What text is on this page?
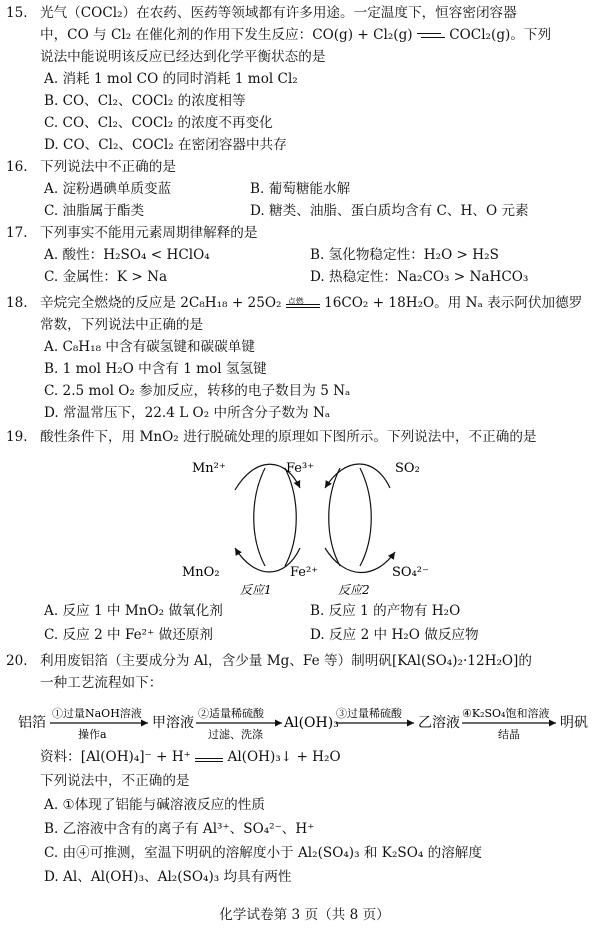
15. 光气（COCl₂）在农药、医药等领域都有许多用途。一定温度下，恒容密闭容器
中，CO 与 Cl₂ 在催化剂的作用下发生反应：CO(g) + Cl₂(g)	COCl₂(g)。下列
说法中能说明该反应已经达到化学平衡状态的是
A. 消耗 1 mol CO 的同时消耗 1 mol Cl₂
B. CO、Cl₂、COCl₂ 的浓度相等
C. CO、Cl₂、COCl₂ 的浓度不再变化
D. CO、Cl₂、COCl₂ 在密闭容器中共存
16. 下列说法中不正确的是
A. 淀粉遇碘单质变蓝	B. 葡萄糖能水解
C. 油脂属于酯类	D. 糖类、油脂、蛋白质均含有 C、H、O 元素
17. 下列事实不能用元素周期律解释的是
A. 酸性：H₂SO₄ < HClO₄	B. 氢化物稳定性：H₂O > H₂S
C. 金属性：K > Na	D. 热稳定性：Na₂CO₃ > NaHCO₃
18. 辛烷完全燃烧的反应是 2C₈H₁₈ + 25O₂ 点燃 16CO₂ + 18H₂O。用 Nₐ 表示阿伏加德罗
常数，下列说法中正确的是
A. C₈H₁₈ 中含有碳氢键和碳碳单键
B. 1 mol H₂O 中含有 1 mol 氢氢键
C. 2.5 mol O₂ 参加反应，转移的电子数目为 5 Nₐ
D. 常温常压下，22.4 L O₂ 中所含分子数为 Nₐ
19. 酸性条件下，用 MnO₂ 进行脱硫处理的原理如下图所示。下列说法中，不正确的是
Mn²⁺	Fe³⁺	SO₂
MnO₂	Fe²⁺	SO₄²⁻
反应1	反应2
A. 反应 1 中 MnO₂ 做氧化剂	B. 反应 1 的产物有 H₂O
C. 反应 2 中 Fe²⁺ 做还原剂	D. 反应 2 中 H₂O 做反应物
20. 利用废铝箔（主要成分为 Al，含少量 Mg、Fe 等）制明矾[KAl(SO₄)₂·12H₂O]的
一种工艺流程如下：
铝箔
①过量NaOH溶液
操作a
甲溶液
②适量稀硫酸
过滤、洗涤
Al(OH)₃
③过量稀硫酸
乙溶液
④K₂SO₄饱和溶液
结晶
明矾
资料：[Al(OH)₄]⁻ + H⁺	Al(OH)₃↓ + H₂O
下列说法中，不正确的是
A. ①体现了铝能与碱溶液反应的性质
B. 乙溶液中含有的离子有 Al³⁺、SO₄²⁻、H⁺
C. 由④可推测，室温下明矾的溶解度小于 Al₂(SO₄)₃ 和 K₂SO₄ 的溶解度
D. Al、Al(OH)₃、Al₂(SO₄)₃ 均具有两性
化学试卷第 3 页（共 8 页）
